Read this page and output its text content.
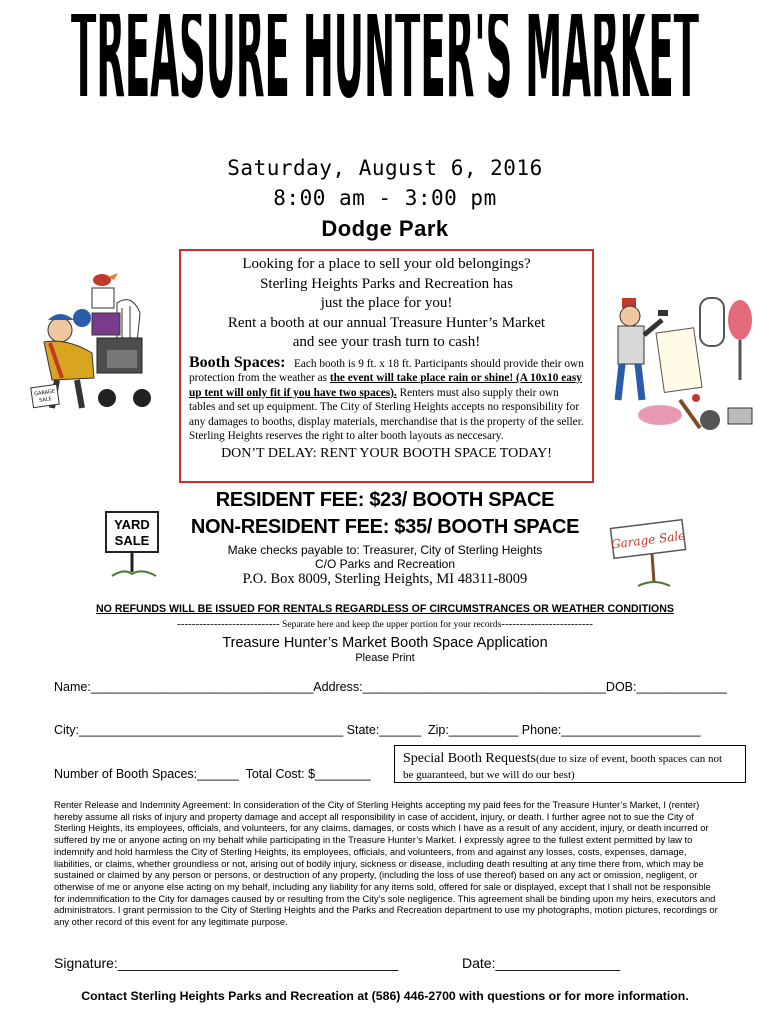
TREASURE HUNTER'S MARKET
Saturday, August 6, 2016
8:00 am - 3:00 pm
Dodge Park
GARAGE
SALE
Looking for a place to sell your old belongings?
Sterling Heights Parks and Recreation has
just the place for you!
Rent a booth at our annual Treasure Hunter’s Market
and see your trash turn to cash!
Booth Spaces: Each booth is 9 ft. x 18 ft. Participants should provide their own protection from the weather as the event will take place rain or shine! (A 10x10 easy up tent will only fit if you have two spaces). Renters must also supply their own tables and set up equipment. The City of Sterling Heights accepts no responsibility for any damages to booths, display materials, merchandise that is the property of the seller. Sterling Heights reserves the right to alter booth layouts as neccesary.
DON’T DELAY: RENT YOUR BOOTH SPACE TODAY!
YARD
SALE
RESIDENT FEE: $23/ BOOTH SPACE
NON-RESIDENT FEE: $35/ BOOTH SPACE
Garage Sale
Make checks payable to: Treasurer, City of Sterling Heights
C/O Parks and Recreation
P.O. Box 8009, Sterling Heights, MI 48311-8009
NO REFUNDS WILL BE ISSUED FOR RENTALS REGARDLESS OF CIRCUMSTRANCES OR WEATHER CONDITIONS
---------------------------- Separate here and keep the upper portion for your records-------------------------
Treasure Hunter’s Market Booth Space Application
Please Print
Name:________________________________Address:___________________________________DOB:_____________
City:______________________________________ State:______  Zip:__________ Phone:____________________
Special Booth Requests(due to size of event, booth spaces can not
be guaranteed, but we will do our best)
Number of Booth Spaces:______  Total Cost: $________
Renter Release and Indemnity Agreement: In consideration of the City of Sterling Heights accepting my paid fees for the Treasure Hunter’s Market, I (renter) hereby assume all risks of injury and property damage and accept all responsibility in case of accident, injury, or death. I further agree not to sue the City of Sterling Heights, its employees, officials, and volunteers, for any claims, damages, or costs which I have as a result of any accident, injury, or death incurred or suffered by me or anyone acting on my behalf while participating in the Treasure Hunter’s Market. I expressly agree to the fullest extent permitted by law to indemnify and hold harmless the City of Sterling Heights, its employees, officials, and volunteers, from and against any losses, costs, expenses, damage, liabilities, or claims, whether groundless or not, arising out of bodily injury, sickness or disease, including death resulting at any time there from, which may be sustained or claimed by any person or persons, or destruction of any property, (including the loss of use thereof) based on any act or omission, negligent, or otherwise of me or anyone else acting on my behalf, including any liability for any items sold, offered for sale or displayed, except that I shall not be responsible for indemnification to the City for damages caused by or resulting from the City’s sole negligence. This agreement shall be binding upon my heirs, executors and administrators. I grant permission to the City of Sterling Heights and the Parks and Recreation department to use my photographs, motion pictures, recordings or any other record of this event for any legitimate purpose.
Signature:____________________________________	Date:________________
Contact Sterling Heights Parks and Recreation at (586) 446-2700 with questions or for more information.
